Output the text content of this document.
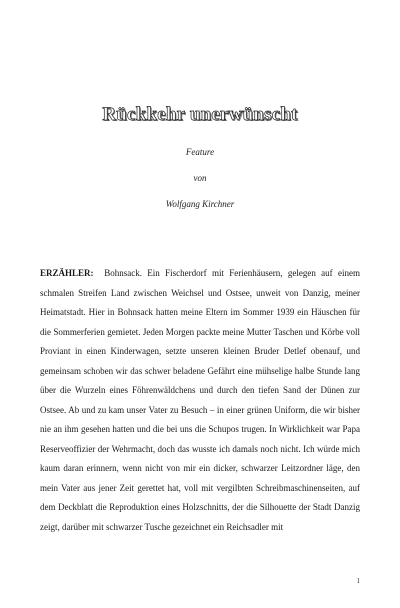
Rückkehr unerwünscht

Feature

von

Wolfgang Kirchner

ERZÄHLER: Bohnsack. Ein Fischerdorf mit Ferienhäusern, gelegen auf einem schmalen Streifen Land zwischen Weichsel und Ostsee, unweit von Danzig, meiner Heimatstadt. Hier in Bohnsack hatten meine Eltern im Sommer 1939 ein Häuschen für die Sommerferien gemietet. Jeden Morgen packte meine Mutter Taschen und Körbe voll Proviant in einen Kinderwagen, setzte unseren kleinen Bruder Detlef obenauf, und gemeinsam schoben wir das schwer beladene Gefährt eine mühselige halbe Stunde lang über die Wurzeln eines Föhrenwäldchens und durch den tiefen Sand der Dünen zur Ostsee. Ab und zu kam unser Vater zu Besuch – in einer grünen Uniform, die wir bisher nie an ihm gesehen hatten und die bei uns die Schupos trugen. In Wirklichkeit war Papa Reserveoffizier der Wehrmacht, doch das wusste ich damals noch nicht. Ich würde mich kaum daran erinnern, wenn nicht von mir ein dicker, schwarzer Leitzordner läge, den mein Vater aus jener Zeit gerettet hat, voll mit vergilbten Schreibmaschinenseiten, auf dem Deckblatt die Reproduktion eines Holzschnitts, der die Silhouette der Stadt Danzig zeigt, darüber mit schwarzer Tusche gezeichnet ein Reichsadler mit

1
